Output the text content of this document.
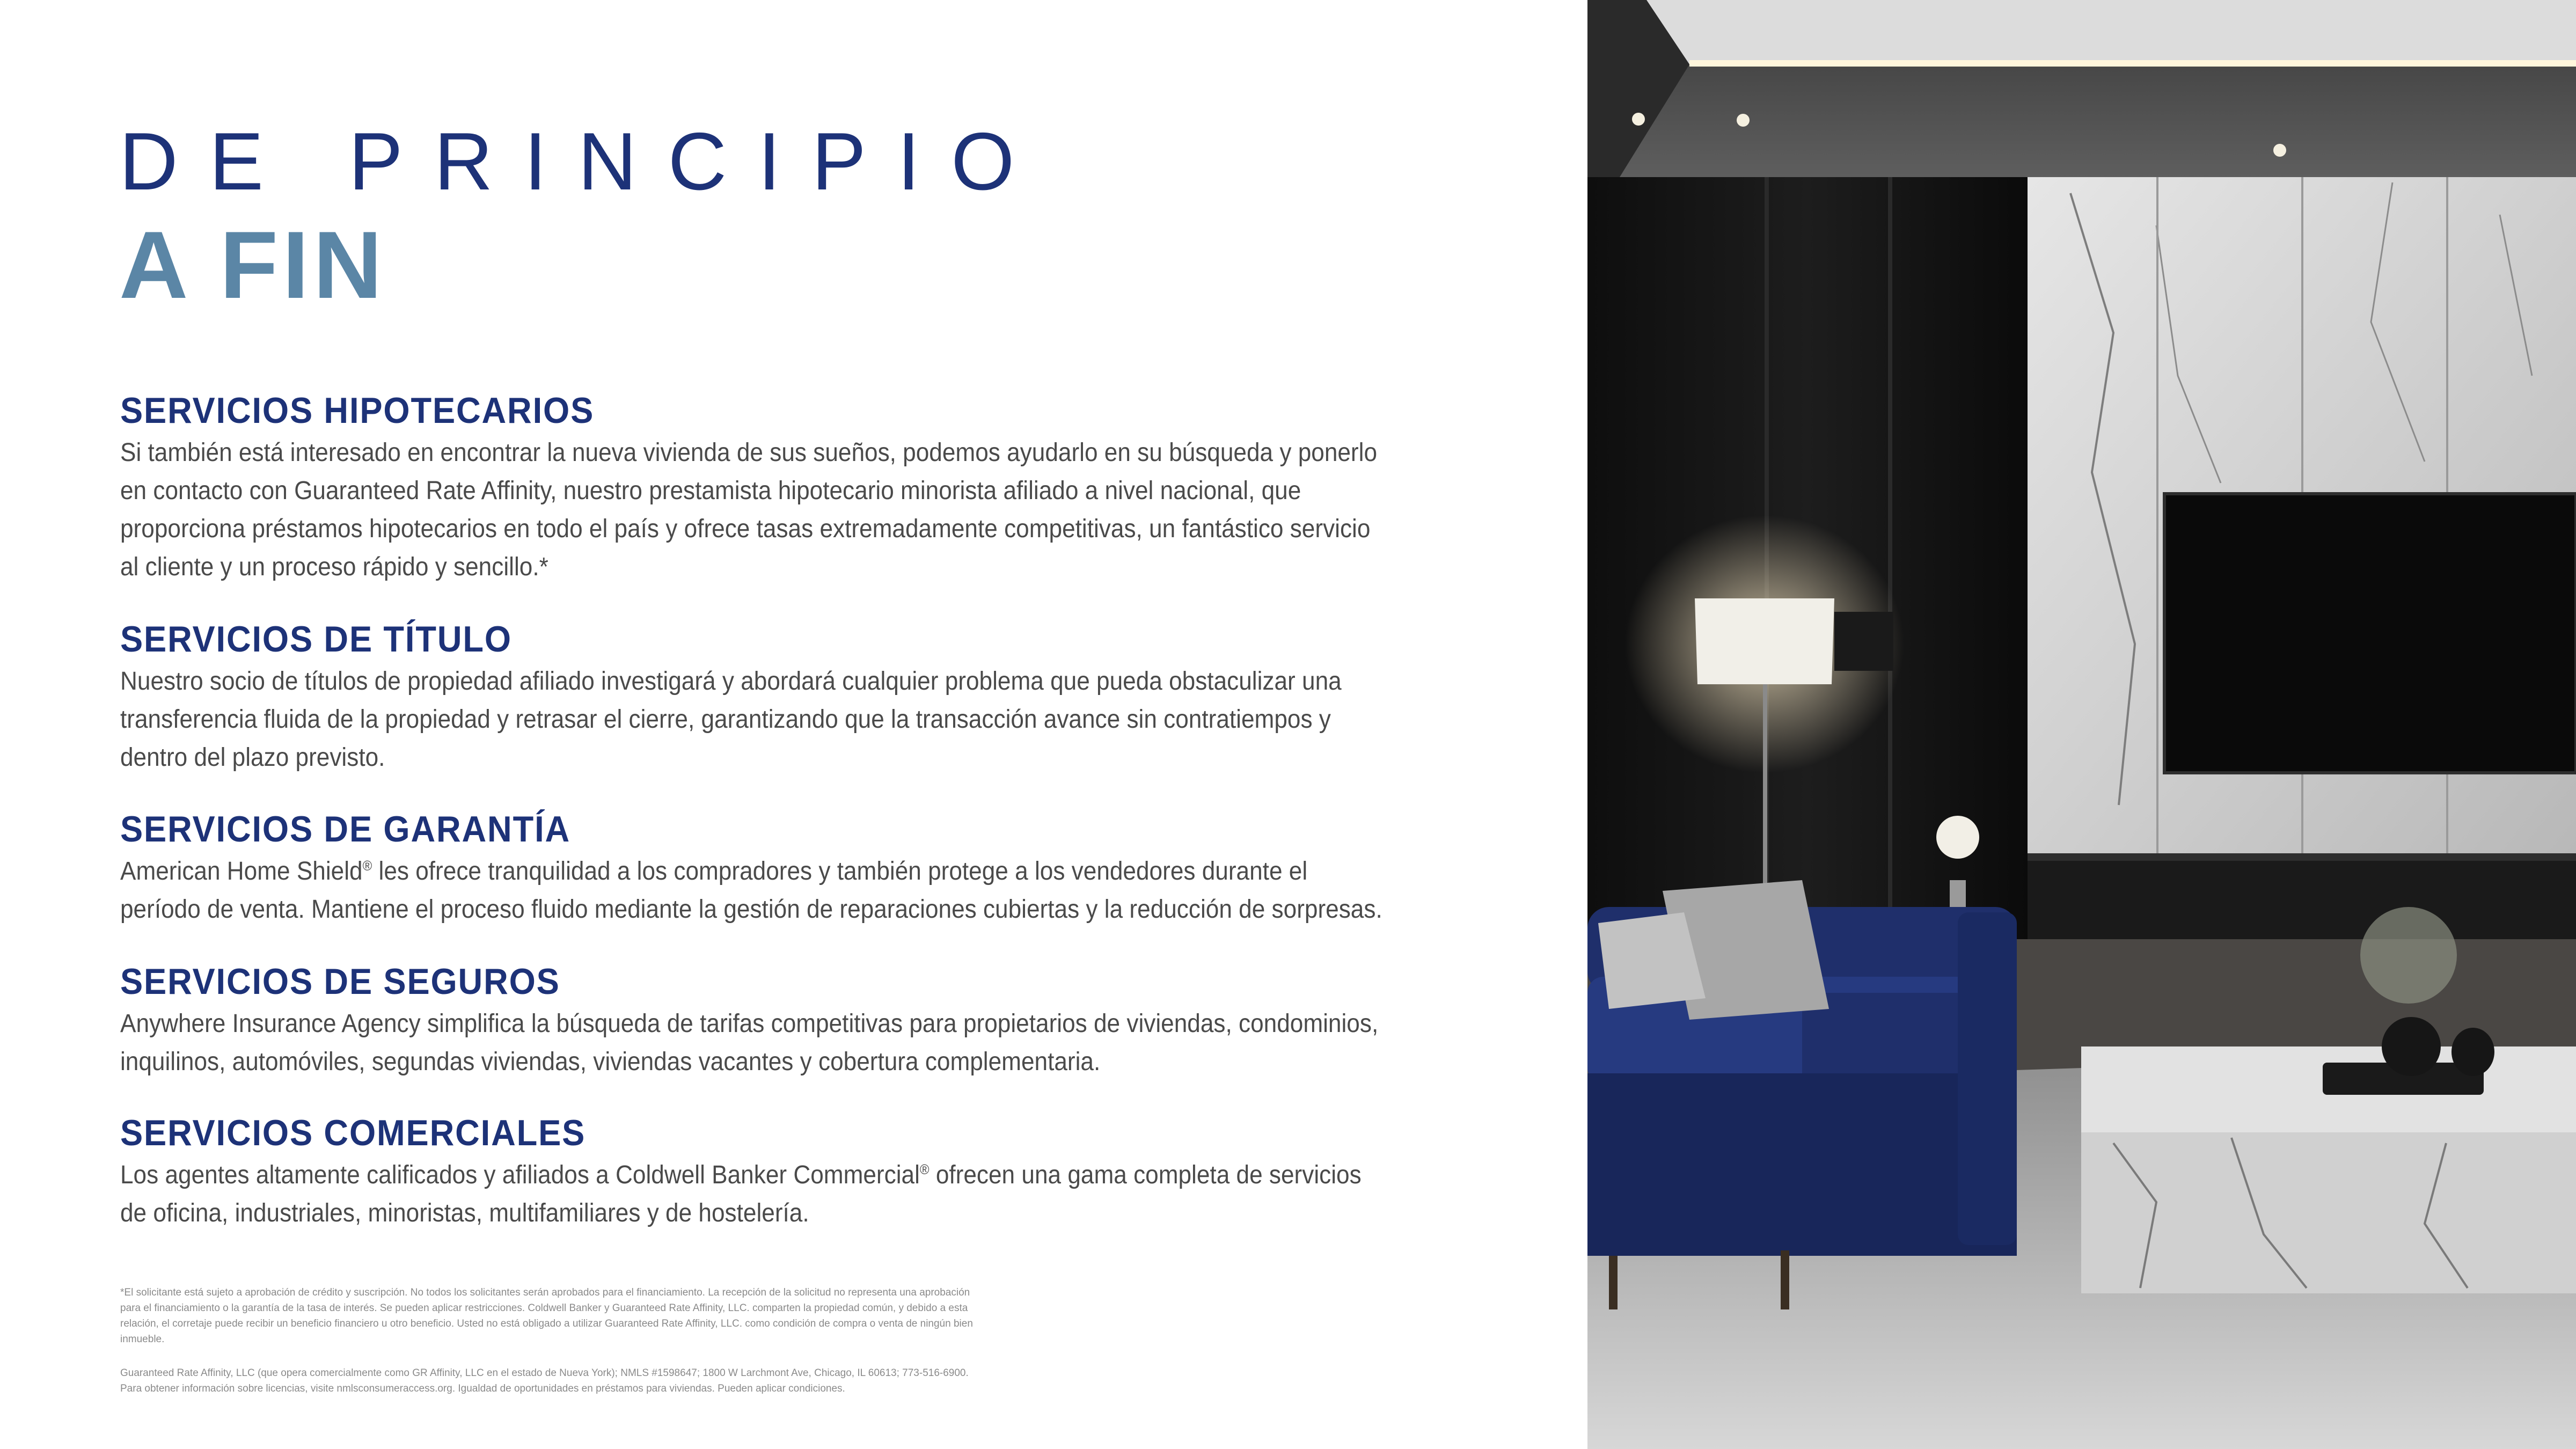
DE PRINCIPIO
A FIN
SERVICIOS HIPOTECARIOS

Si también está interesado en encontrar la nueva vivienda de sus sueños, podemos ayudarlo en su búsqueda y ponerlo en contacto con Guaranteed Rate Affinity, nuestro prestamista hipotecario minorista afiliado a nivel nacional, que proporciona préstamos hipotecarios en todo el país y ofrece tasas extremadamente competitivas, un fantástico servicio al cliente y un proceso rápido y sencillo.*

SERVICIOS DE TÍTULO

Nuestro socio de títulos de propiedad afiliado investigará y abordará cualquier problema que pueda obstaculizar una transferencia fluida de la propiedad y retrasar el cierre, garantizando que la transacción avance sin contratiempos y dentro del plazo previsto.

SERVICIOS DE GARANTÍA

American Home Shield® les ofrece tranquilidad a los compradores y también protege a los vendedores durante el período de venta. Mantiene el proceso fluido mediante la gestión de reparaciones cubiertas y la reducción de sorpresas.

SERVICIOS DE SEGUROS

Anywhere Insurance Agency simplifica la búsqueda de tarifas competitivas para propietarios de viviendas, condominios, inquilinos, automóviles, segundas viviendas, viviendas vacantes y cobertura complementaria.

SERVICIOS COMERCIALES

Los agentes altamente calificados y afiliados a Coldwell Banker Commercial® ofrecen una gama completa de servicios de oficina, industriales, minoristas, multifamiliares y de hostelería.

*El solicitante está sujeto a aprobación de crédito y suscripción. No todos los solicitantes serán aprobados para el financiamiento. La recepción de la solicitud no representa una aprobación para el financiamiento o la garantía de la tasa de interés. Se pueden aplicar restricciones. Coldwell Banker y Guaranteed Rate Affinity, LLC. comparten la propiedad común, y debido a esta relación, el corretaje puede recibir un beneficio financiero u otro beneficio. Usted no está obligado a utilizar Guaranteed Rate Affinity, LLC. como condición de compra o venta de ningún bien inmueble.

Guaranteed Rate Affinity, LLC (que opera comercialmente como GR Affinity, LLC en el estado de Nueva York); NMLS #1598647; 1800 W Larchmont Ave, Chicago, IL 60613; 773-516-6900. Para obtener información sobre licencias, visite nmlsconsumeraccess.org. Igualdad de oportunidades en préstamos para viviendas. Pueden aplicar condiciones.
